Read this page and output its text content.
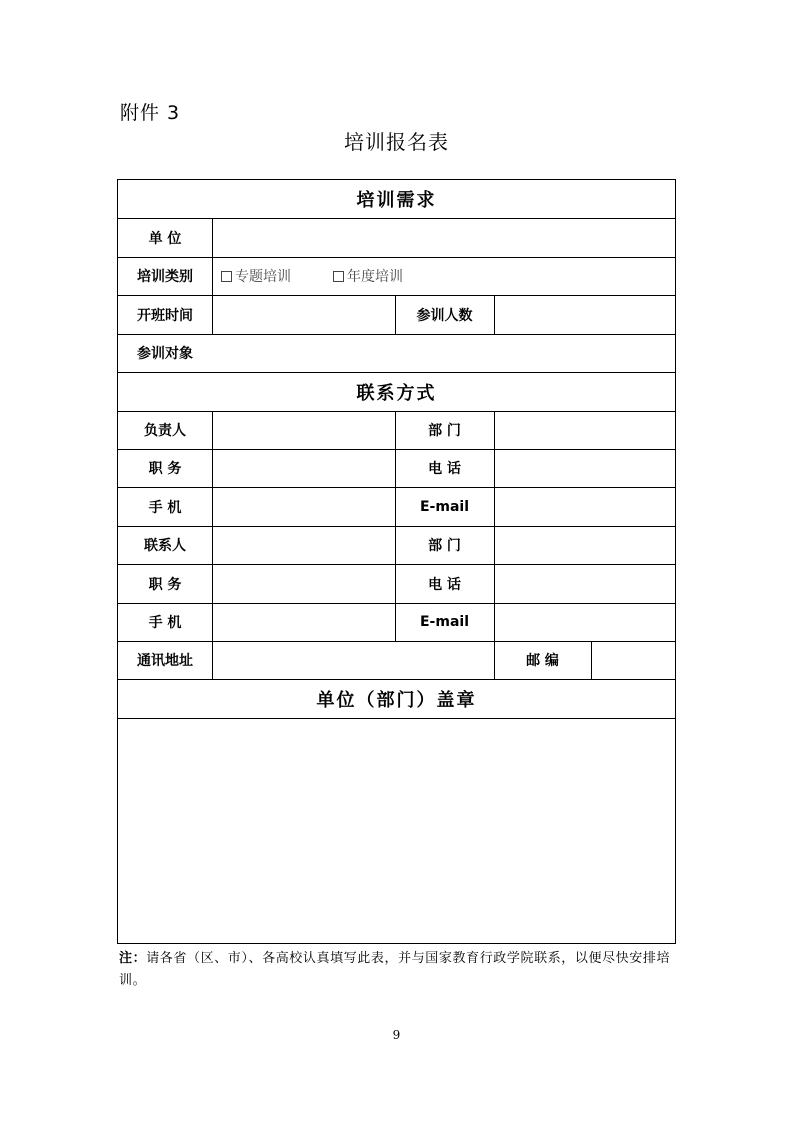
附件 3
培训报名表
培训需求
单 位
培训类别	专题培训	年度培训
开班时间	参训人数
参训对象
联系方式
负责人	部 门
职 务	电 话
手 机	E-mail
联系人	部 门
职 务	电 话
手 机	E-mail
通讯地址	邮 编
单位（部门）盖章
注：请各省（区、市）、各高校认真填写此表，并与国家教育行政学院联系，以便尽快安排培训。
9
